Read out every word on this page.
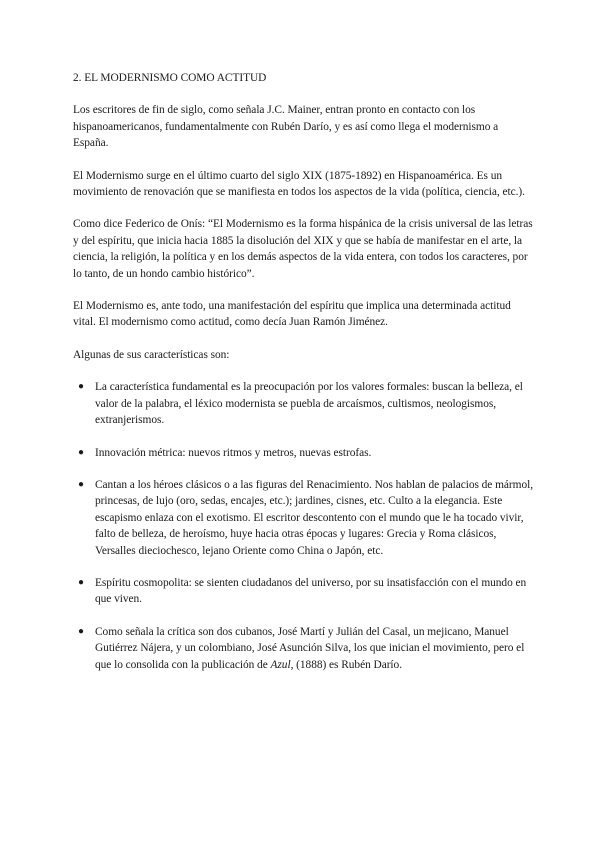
2. EL MODERNISMO COMO ACTITUD

Los escritores de fin de siglo, como señala J.C. Mainer, entran pronto en contacto con los hispanoamericanos, fundamentalmente con Rubén Darío, y es así como llega el modernismo a España.

El Modernismo surge en el último cuarto del siglo XIX (1875-1892) en Hispanoamérica. Es un movimiento de renovación que se manifiesta en todos los aspectos de la vida (política, ciencia, etc.).

Como dice Federico de Onís: “El Modernismo es la forma hispánica de la crisis universal de las letras y del espíritu, que inicia hacia 1885 la disolución del XIX y que se había de manifestar en el arte, la ciencia, la religión, la política y en los demás aspectos de la vida entera, con todos los caracteres, por lo tanto, de un hondo cambio histórico”.

El Modernismo es, ante todo, una manifestación del espíritu que implica una determinada actitud vital. El modernismo como actitud, como decía Juan Ramón Jiménez.

Algunas de sus características son:

● La característica fundamental es la preocupación por los valores formales: buscan la belleza, el valor de la palabra, el léxico modernista se puebla de arcaísmos, cultismos, neologismos, extranjerismos.
● Innovación métrica: nuevos ritmos y metros, nuevas estrofas.
● Cantan a los héroes clásicos o a las figuras del Renacimiento. Nos hablan de palacios de mármol, princesas, de lujo (oro, sedas, encajes, etc.); jardines, cisnes, etc. Culto a la elegancia. Este escapismo enlaza con el exotismo. El escritor descontento con el mundo que le ha tocado vivir, falto de belleza, de heroísmo, huye hacia otras épocas y lugares: Grecia y Roma clásicos, Versalles dieciochesco, lejano Oriente como China o Japón, etc.
● Espíritu cosmopolita: se sienten ciudadanos del universo, por su insatisfacción con el mundo en que viven.
● Como señala la crítica son dos cubanos, José Martí y Julián del Casal, un mejicano, Manuel Gutiérrez Nájera, y un colombiano, José Asunción Silva, los que inician el movimiento, pero el que lo consolida con la publicación de Azul, (1888) es Rubén Darío.
